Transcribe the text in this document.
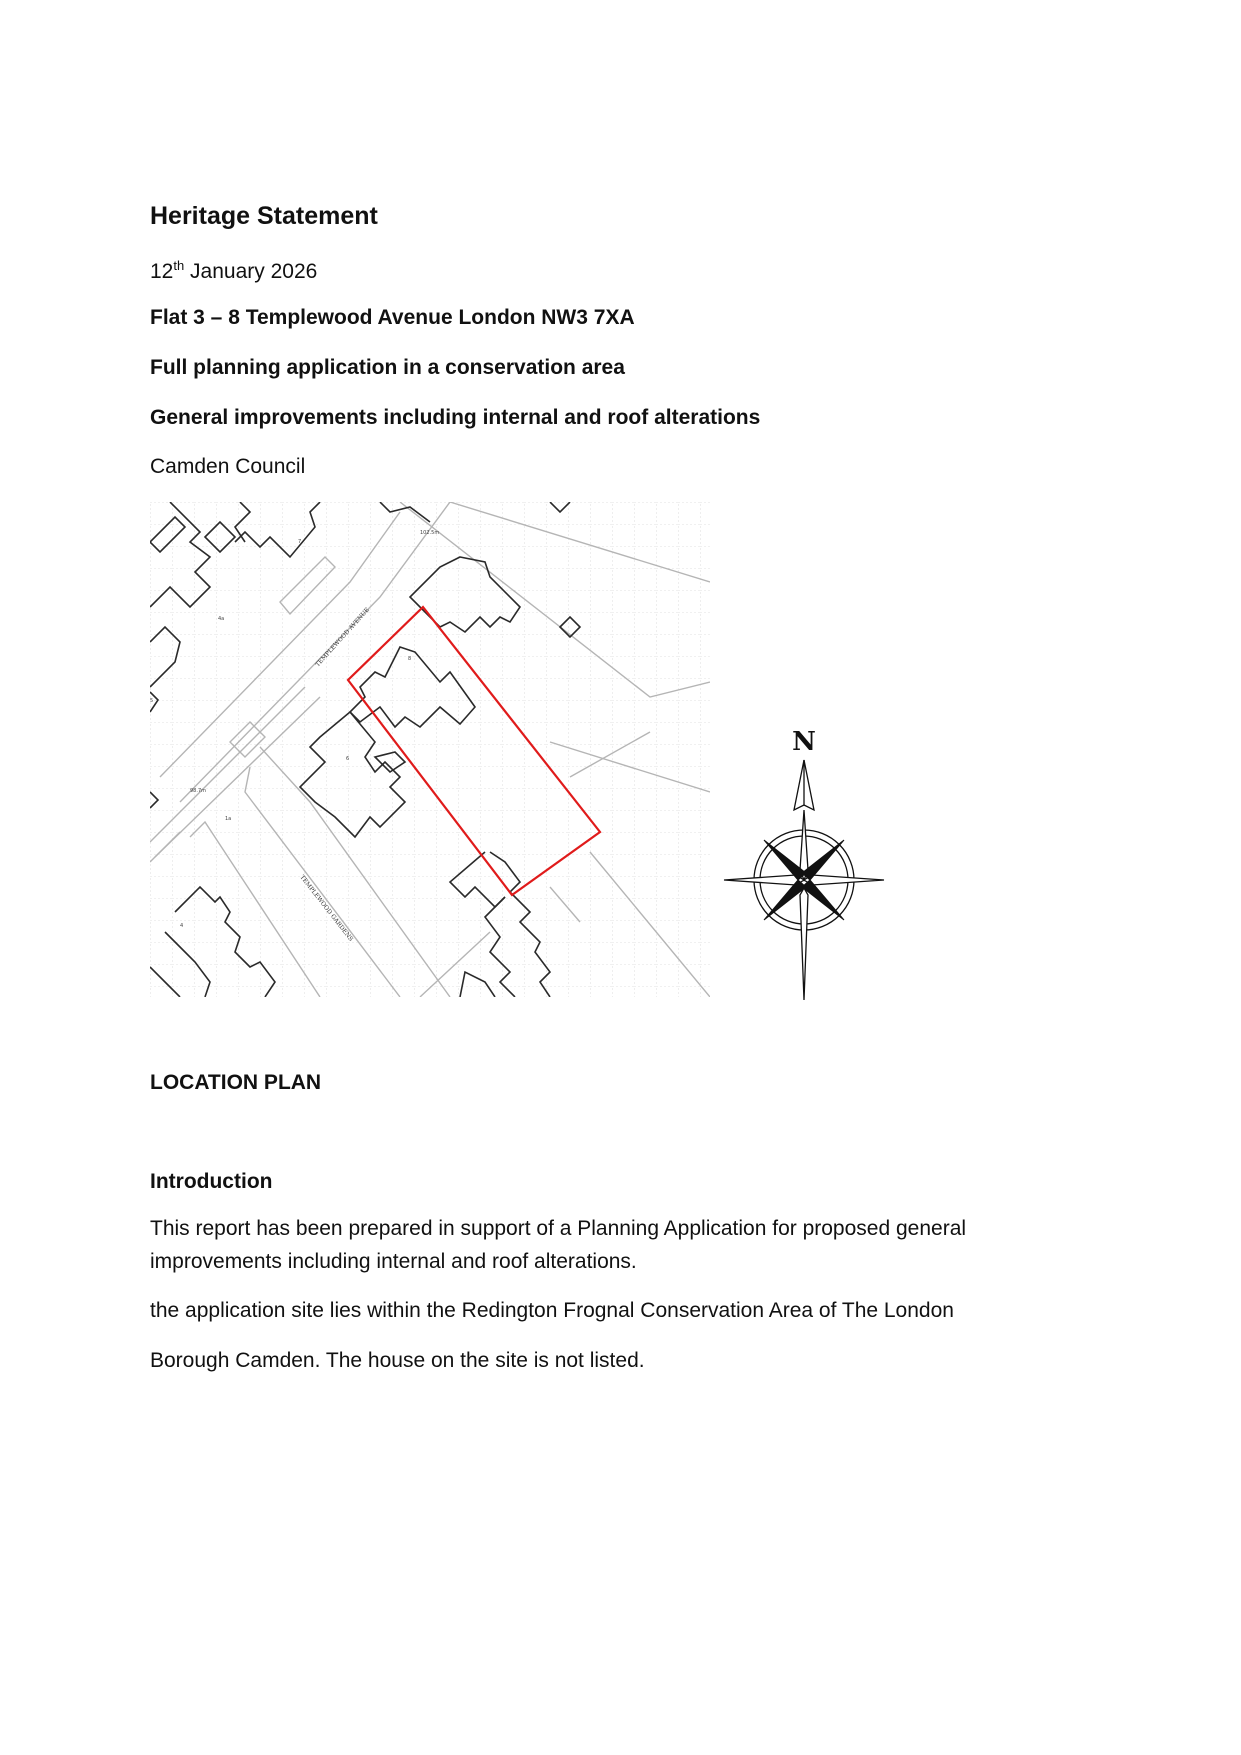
Heritage Statement

12th January 2026

Flat 3 – 8 Templewood Avenue London NW3 7XA

Full planning application in a conservation area

General improvements including internal and roof alterations

Camden Council

102.5m
98.7m
8
6
1a
4a
7
5
4
TEMPLEWOOD AVENUE
TEMPLEWOOD GARDENS
N

LOCATION PLAN

Introduction

This report has been prepared in support of a Planning Application for proposed general improvements including internal and roof alterations.

the application site lies within the Redington Frognal Conservation Area of The London

Borough Camden. The house on the site is not listed.
